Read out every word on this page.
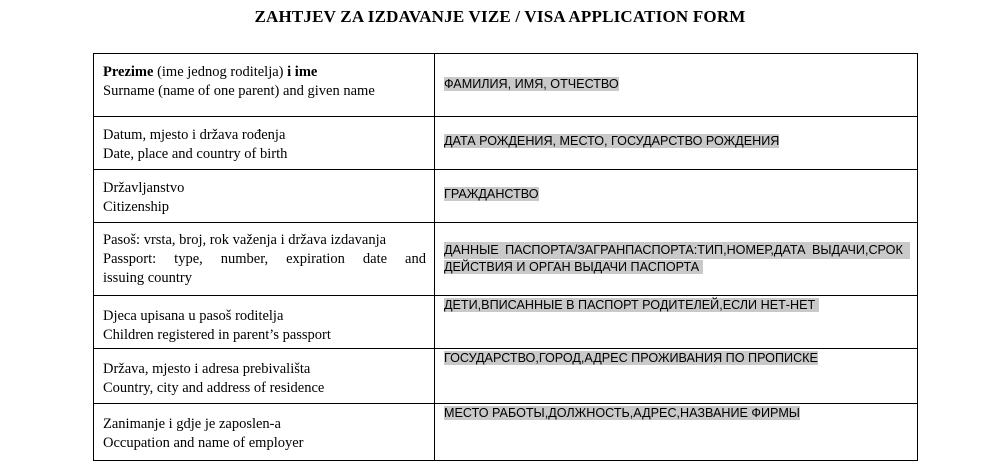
ZAHTJEV ZA IZDAVANJE VIZE / VISA APPLICATION FORM
Prezime (ime jednog roditelja) i ime
Surname (name of one parent) and given name	ФАМИЛИЯ, ИМЯ, ОТЧЕСТВО

Datum, mjesto i država rođenja
Date, place and country of birth	ДАТА РОЖДЕНИЯ, МЕСТО, ГОСУДАРСТВО РОЖДЕНИЯ

Državljanstvo
Citizenship	ГРАЖДАНСТВО

Pasoš: vrsta, broj, rok važenja i država izdavanja
Passport: type, number, expiration date and
issuing country	ДАННЫЕ ПАСПОРТА/ЗАГРАНПАСПОРТА:ТИП,НОМЕР,ДАТА ВЫДАЧИ,СРОК
ДЕЙСТВИЯ И ОРГАН ВЫДАЧИ ПАСПОРТА

Djeca upisana u pasoš roditelja
Children registered in parent’s passport	ДЕТИ,ВПИСАННЫЕ В ПАСПОРТ РОДИТЕЛЕЙ,ЕСЛИ НЕТ-НЕТ

Država, mjesto i adresa prebivališta
Country, city and address of residence	ГОСУДАРСТВО,ГОРОД,АДРЕС ПРОЖИВАНИЯ ПО ПРОПИСКЕ

Zanimanje i gdje je zaposlen-a
Occupation and name of employer	МЕСТО РАБОТЫ,ДОЛЖНОСТЬ,АДРЕС,НАЗВАНИЕ ФИРМЫ
